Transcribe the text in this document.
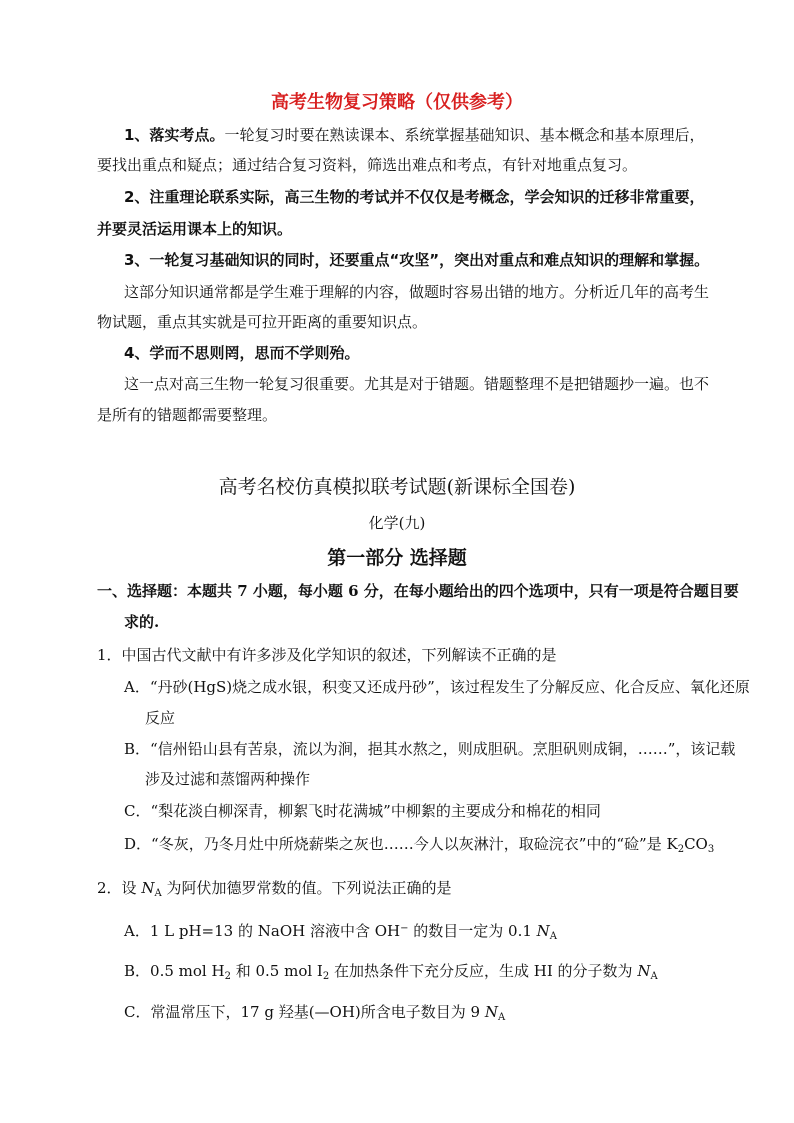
高考生物复习策略（仅供参考）
1、落实考点。一轮复习时要在熟读课本、系统掌握基础知识、基本概念和基本原理后，
要找出重点和疑点；通过结合复习资料，筛选出难点和考点，有针对地重点复习。
2、注重理论联系实际，高三生物的考试并不仅仅是考概念，学会知识的迁移非常重要，
并要灵活运用课本上的知识。
3、一轮复习基础知识的同时，还要重点“攻坚”，突出对重点和难点知识的理解和掌握。
这部分知识通常都是学生难于理解的内容，做题时容易出错的地方。分析近几年的高考生
物试题，重点其实就是可拉开距离的重要知识点。
4、学而不思则罔，思而不学则殆。
这一点对高三生物一轮复习很重要。尤其是对于错题。错题整理不是把错题抄一遍。也不
是所有的错题都需要整理。
高考名校仿真模拟联考试题(新课标全国卷)
化学(九)
第一部分 选择题
一、选择题：本题共 7 小题，每小题 6 分，在每小题给出的四个选项中，只有一项是符合题目要
求的.
1．中国古代文献中有许多涉及化学知识的叙述，下列解读不正确的是
A．“丹砂(HgS)烧之成水银，积变又还成丹砂”，该过程发生了分解反应、化合反应、氧化还原
反应
B．“信州铅山县有苦泉，流以为涧，挹其水熬之，则成胆矾。烹胆矾则成铜，……”，该记载
涉及过滤和蒸馏两种操作
C．“梨花淡白柳深青，柳絮飞时花满城”中柳絮的主要成分和棉花的相同
D．“冬灰，乃冬月灶中所烧薪柴之灰也……今人以灰淋汁，取硷浣衣”中的“硷”是 $K_2CO_3$
2．设 $N_A$ 为阿伏加德罗常数的值。下列说法正确的是
A．1 L pH=13 的 NaOH 溶液中含 OH− 的数目一定为 0.1 $N_A$
B．0.5 mol $H_2$ 和 0.5 mol $I_2$ 在加热条件下充分反应，生成 HI 的分子数为 $N_A$
C．常温常压下，17 g 羟基(—OH)所含电子数目为 9 $N_A$
